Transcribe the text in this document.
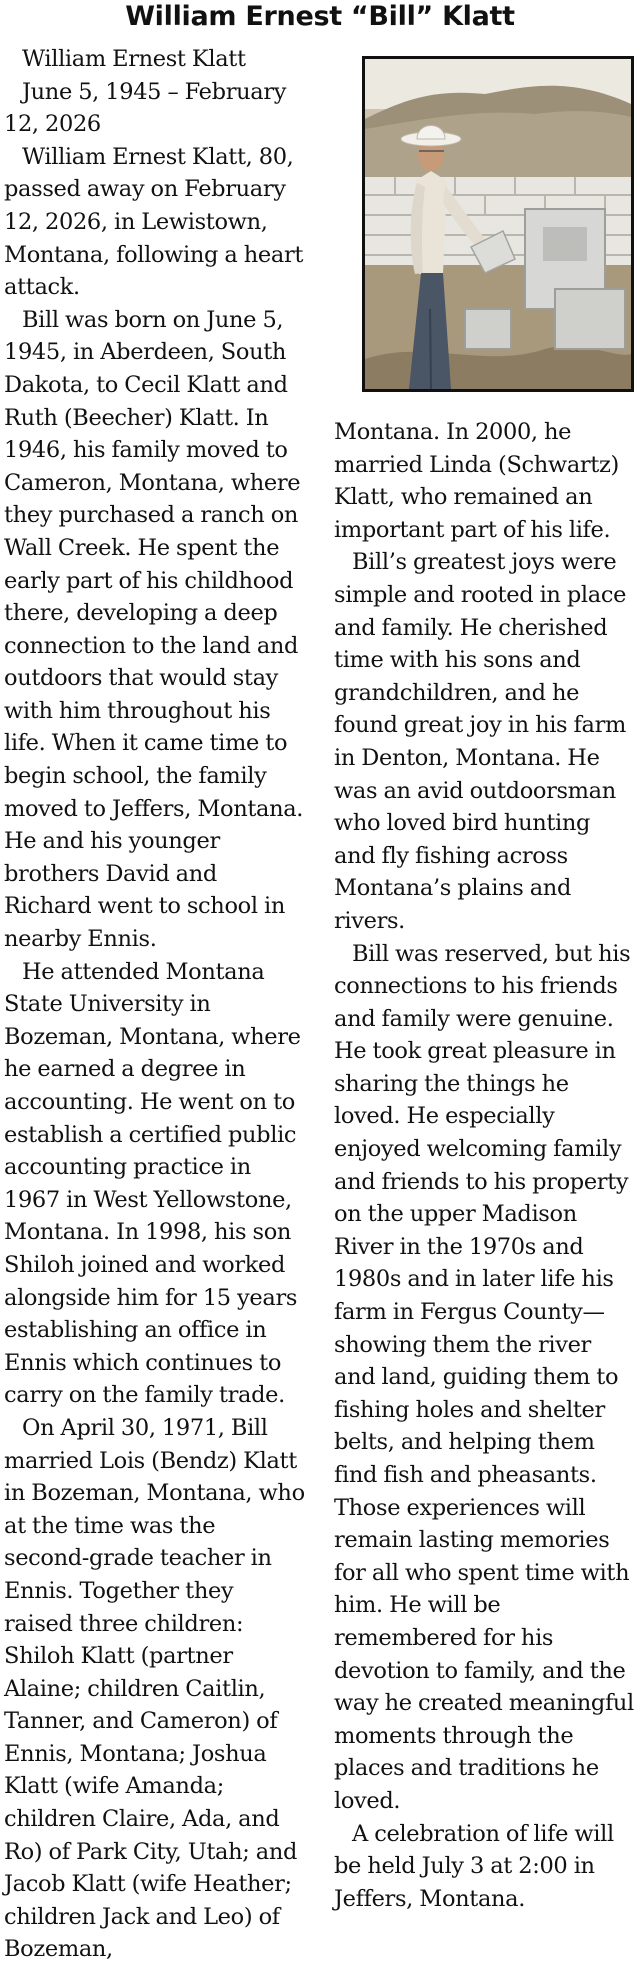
William Ernest “Bill” Klatt

William Ernest Klatt

June 5, 1945 – February 12, 2026

William Ernest Klatt, 80, passed away on February 12, 2026, in Lewistown, Montana, following a heart attack.

Bill was born on June 5, 1945, in Aberdeen, South Dakota, to Cecil Klatt and Ruth (Beecher) Klatt. In 1946, his family moved to Cameron, Montana, where they purchased a ranch on Wall Creek. He spent the early part of his childhood there, developing a deep connection to the land and outdoors that would stay with him throughout his life. When it came time to begin school, the family moved to Jeffers, Montana. He and his younger brothers David and Richard went to school in nearby Ennis.

He attended Montana State University in Bozeman, Montana, where he earned a degree in accounting. He went on to establish a certified public accounting practice in 1967 in West Yellowstone, Montana. In 1998, his son Shiloh joined and worked alongside him for 15 years establishing an office in Ennis which continues to carry on the family trade.

On April 30, 1971, Bill married Lois (Bendz) Klatt in Bozeman, Montana, who at the time was the second-grade teacher in Ennis. Together they raised three children: Shiloh Klatt (partner Alaine; children Caitlin, Tanner, and Cameron) of Ennis, Montana; Joshua Klatt (wife Amanda; children Claire, Ada, and Ro) of Park City, Utah; and Jacob Klatt (wife Heather; children Jack and Leo) of Bozeman,

Montana. In 2000, he married Linda (Schwartz) Klatt, who remained an important part of his life.

Bill’s greatest joys were simple and rooted in place and family. He cherished time with his sons and grandchildren, and he found great joy in his farm in Denton, Montana. He was an avid outdoorsman who loved bird hunting and fly fishing across Montana’s plains and rivers.

Bill was reserved, but his connections to his friends and family were genuine. He took great pleasure in sharing the things he loved. He especially enjoyed welcoming family and friends to his property on the upper Madison River in the 1970s and 1980s and in later life his farm in Fergus County—showing them the river and land, guiding them to fishing holes and shelter belts, and helping them find fish and pheasants. Those experiences will remain lasting memories for all who spent time with him. He will be remembered for his devotion to family, and the way he created meaningful moments through the places and traditions he loved.

A celebration of life will be held July 3 at 2:00 in Jeffers, Montana.
